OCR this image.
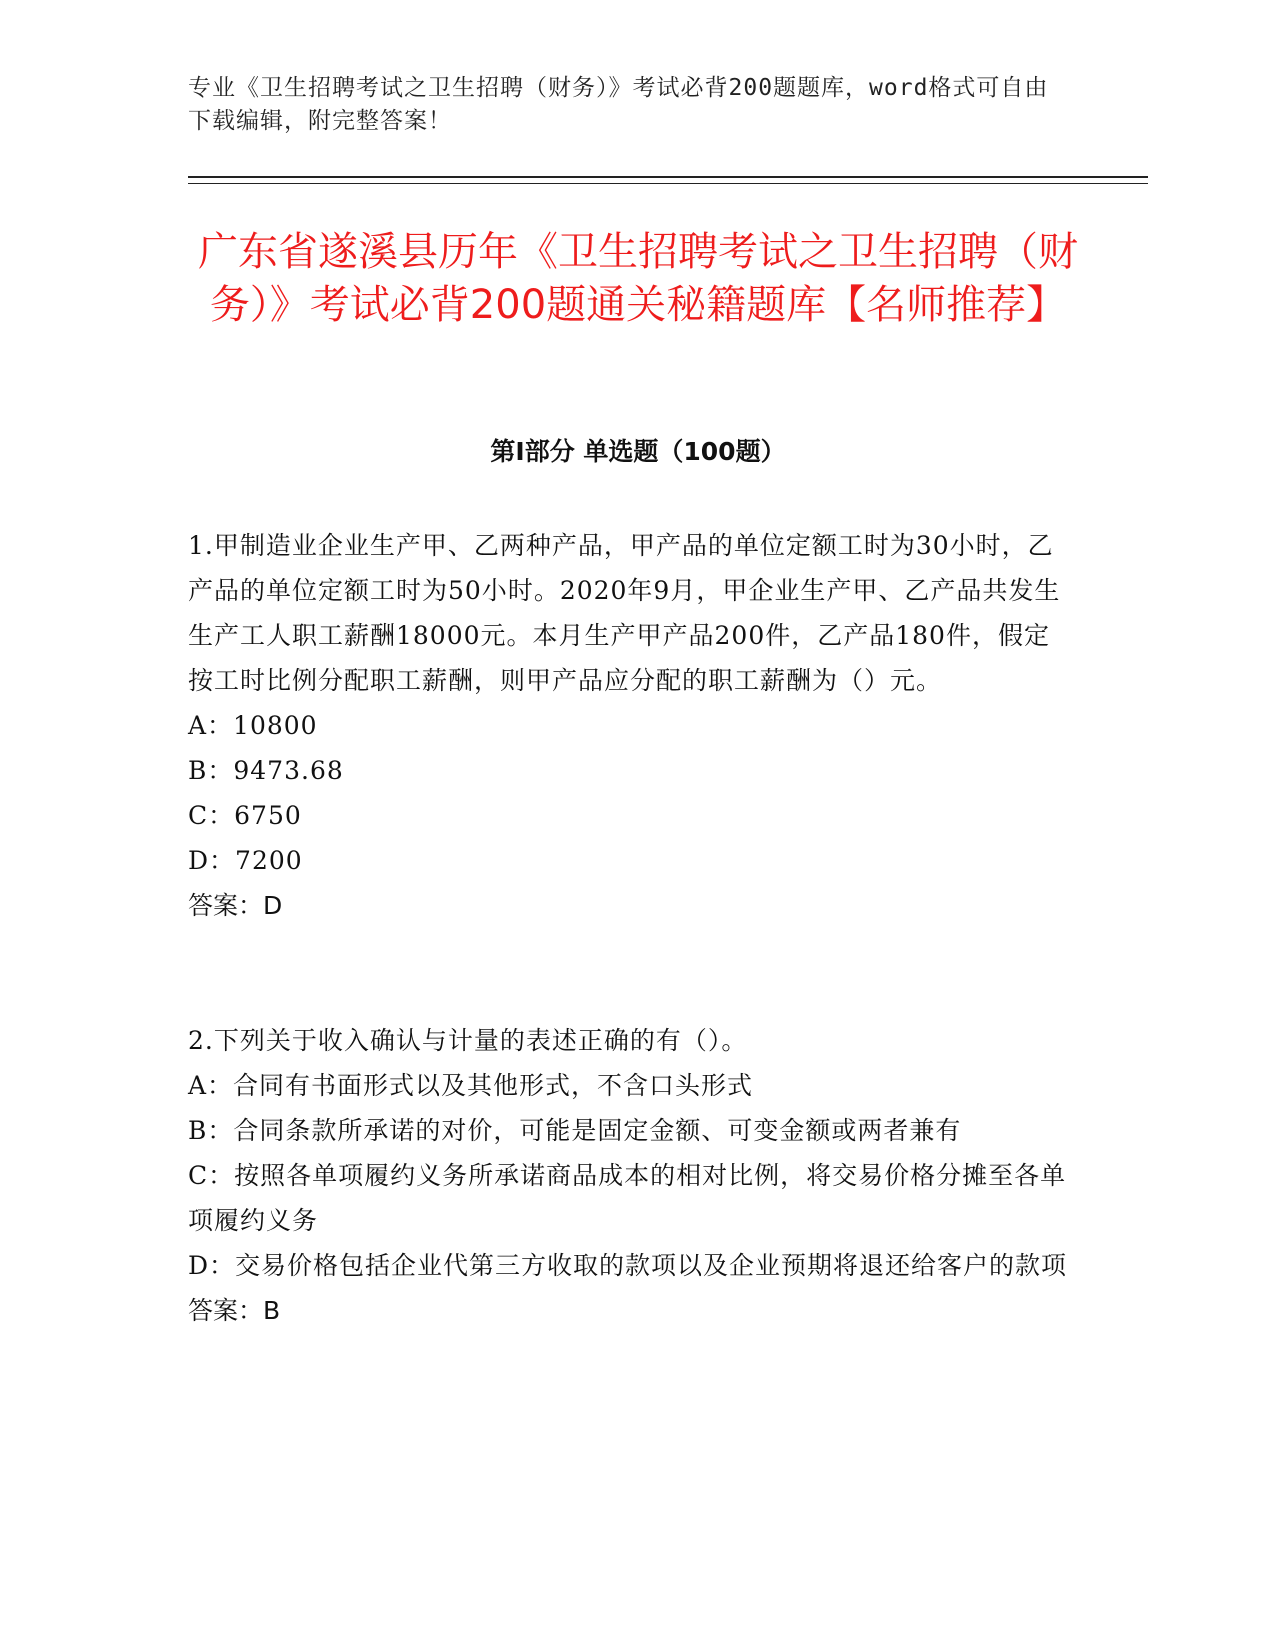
专业《卫生招聘考试之卫生招聘（财务）》考试必背200题题库，word格式可自由下载编辑，附完整答案！
广东省遂溪县历年《卫生招聘考试之卫生招聘（财务）》考试必背200题通关秘籍题库【名师推荐】
第Ⅰ部分 单选题（100题）

1.甲制造业企业生产甲、乙两种产品，甲产品的单位定额工时为30小时，乙产品的单位定额工时为50小时。2020年9月，甲企业生产甲、乙产品共发生生产工人职工薪酬18000元。本月生产甲产品200件，乙产品180件，假定按工时比例分配职工薪酬，则甲产品应分配的职工薪酬为（）元。

A：10800

B：9473.68

C：6750

D：7200

答案：D

2.下列关于收入确认与计量的表述正确的有（）。

A：合同有书面形式以及其他形式，不含口头形式

B：合同条款所承诺的对价，可能是固定金额、可变金额或两者兼有

C：按照各单项履约义务所承诺商品成本的相对比例，将交易价格分摊至各单项履约义务

D：交易价格包括企业代第三方收取的款项以及企业预期将退还给客户的款项

答案：B
